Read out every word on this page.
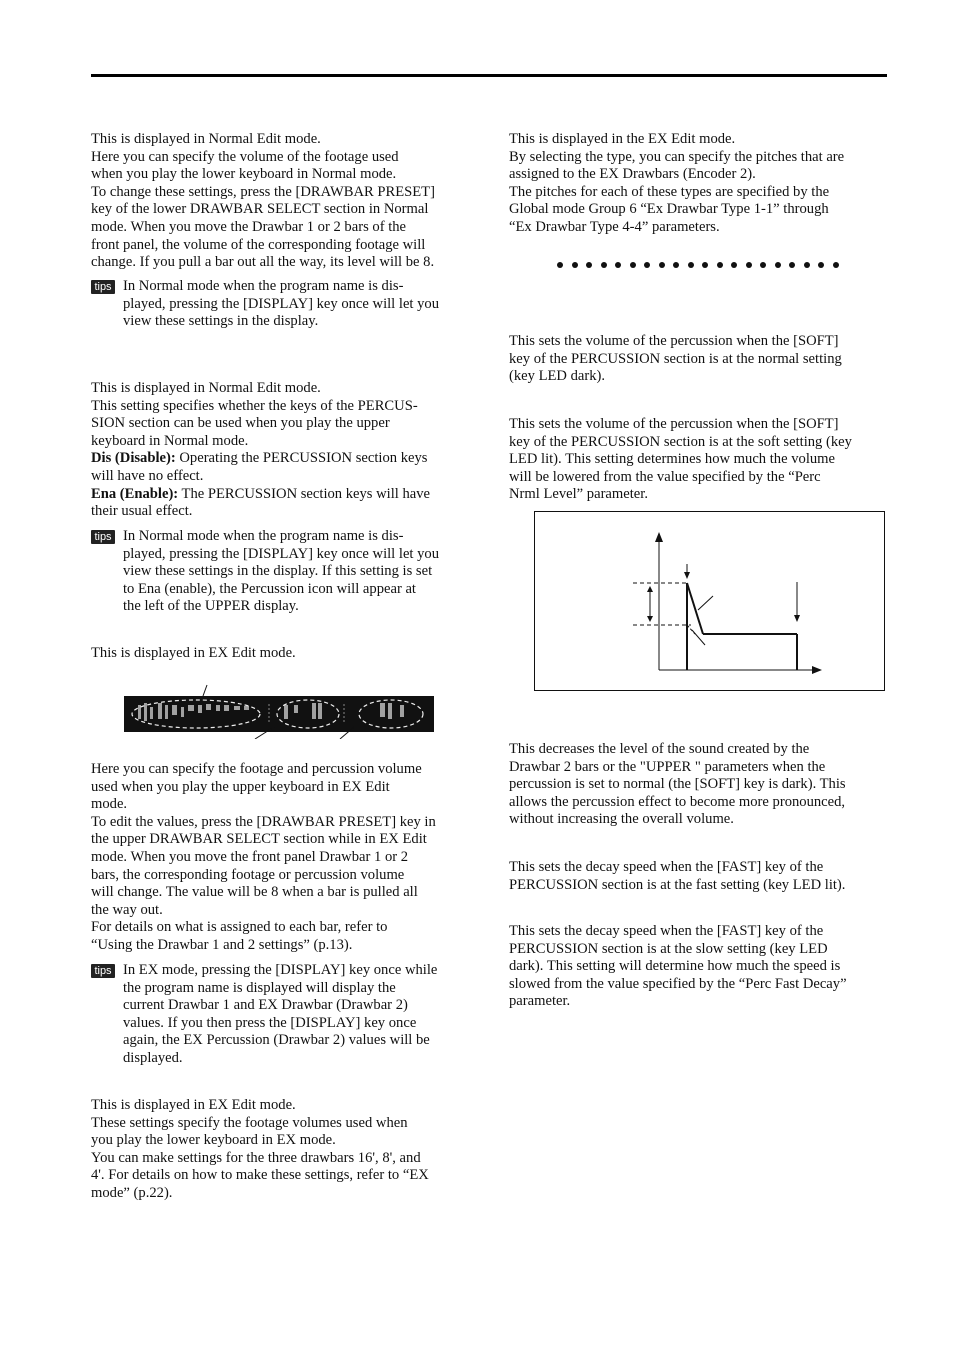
This is displayed in Normal Edit mode.

Here you can specify the volume of the footage used

when you play the lower keyboard in Normal mode.

To change these settings, press the [DRAWBAR PRESET]

key of the lower DRAWBAR SELECT section in Normal

mode. When you move the Drawbar 1 or 2 bars of the

front panel, the volume of the corresponding footage will

change. If you pull a bar out all the way, its level will be 8.

tips In Normal mode when the program name is dis-

played, pressing the [DISPLAY] key once will let you

view these settings in the display.

This is displayed in Normal Edit mode.

This setting specifies whether the keys of the PERCUS-

SION section can be used when you play the upper

keyboard in Normal mode.

Dis (Disable): Operating the PERCUSSION section keys

will have no effect.

Ena (Enable): The PERCUSSION section keys will have

their usual effect.

tips In Normal mode when the program name is dis-

played, pressing the [DISPLAY] key once will let you

view these settings in the display. If this setting is set

to Ena (enable), the Percussion icon will appear at

the left of the UPPER display.

This is displayed in EX Edit mode.

Here you can specify the footage and percussion volume

used when you play the upper keyboard in EX Edit

mode.

To edit the values, press the [DRAWBAR PRESET] key in

the upper DRAWBAR SELECT section while in EX Edit

mode. When you move the front panel Drawbar 1 or 2

bars, the corresponding footage or percussion volume

will change. The value will be 8 when a bar is pulled all

the way out.

For details on what is assigned to each bar, refer to

“Using the Drawbar 1 and 2 settings” (p.13).

tips In EX mode, pressing the [DISPLAY] key once while

the program name is displayed will display the

current Drawbar 1 and EX Drawbar (Drawbar 2)

values. If you then press the [DISPLAY] key once

again, the EX Percussion (Drawbar 2) values will be

displayed.

This is displayed in EX Edit mode.

These settings specify the footage volumes used when

you play the lower keyboard in EX mode.

You can make settings for the three drawbars 16', 8', and

4'. For details on how to make these settings, refer to “EX

mode” (p.22).

This is displayed in the EX Edit mode.

By selecting the type, you can specify the pitches that are

assigned to the EX Drawbars (Encoder 2).

The pitches for each of these types are specified by the

Global mode Group 6 “Ex Drawbar Type 1-1” through

“Ex Drawbar Type 4-4” parameters.

This sets the volume of the percussion when the [SOFT]

key of the PERCUSSION section is at the normal setting

(key LED dark).

This sets the volume of the percussion when the [SOFT]

key of the PERCUSSION section is at the soft setting (key

LED lit). This setting determines how much the volume

will be lowered from the value specified by the “Perc

Nrml Level” parameter.

This decreases the level of the sound created by the

Drawbar 2 bars or the "UPPER " parameters when the

percussion is set to normal (the [SOFT] key is dark). This

allows the percussion effect to become more pronounced,

without increasing the overall volume.

This sets the decay speed when the [FAST] key of the

PERCUSSION section is at the fast setting (key LED lit).

This sets the decay speed when the [FAST] key of the

PERCUSSION section is at the slow setting (key LED

dark). This setting will determine how much the speed is

slowed from the value specified by the “Perc Fast Decay”

parameter.
